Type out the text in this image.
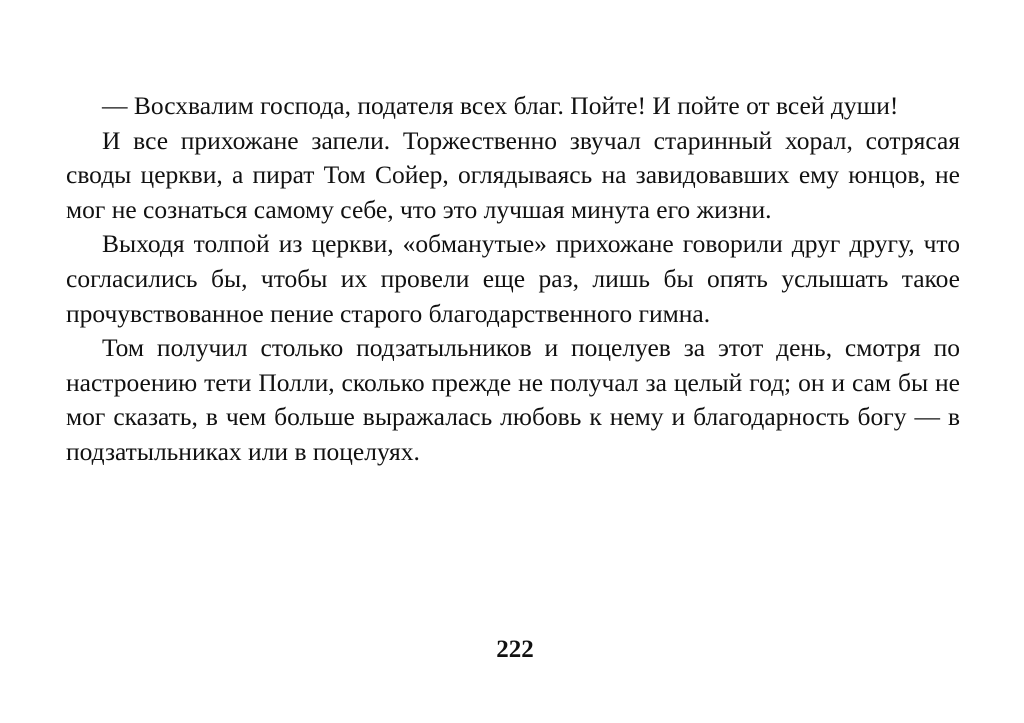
— Восхвалим господа, подателя всех благ. Пойте! И пойте от всей души!

И все прихожане запели. Торжественно звучал старинный хорал, сотрясая своды церкви, а пират Том Сойер, оглядываясь на завидовавших ему юнцов, не мог не сознаться самому себе, что это лучшая минута его жизни.

Выходя толпой из церкви, «обманутые» прихожане говорили друг другу, что согласились бы, чтобы их провели еще раз, лишь бы опять услышать такое прочувствованное пение старого благодарственного гимна.

Том получил столько подзатыльников и поцелуев за этот день, смотря по настроению тети Полли, сколько прежде не получал за целый год; он и сам бы не мог сказать, в чем больше выражалась любовь к нему и благодарность богу — в подзатыльниках или в поцелуях.

222
